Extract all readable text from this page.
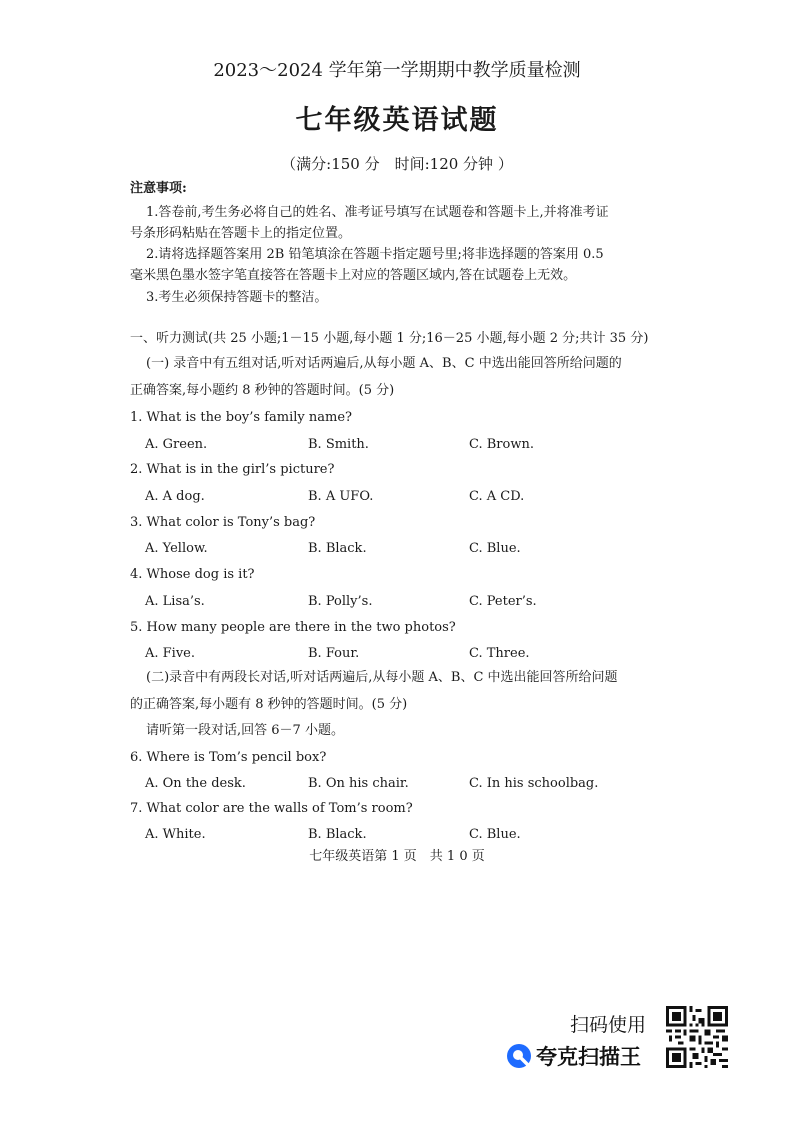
2023～2024 学年第一学期期中教学质量检测
七年级英语试题
（满分:150 分　时间:120 分钟 ）
注意事项:
1.答卷前,考生务必将自己的姓名、准考证号填写在试题卷和答题卡上,并将准考证
号条形码粘贴在答题卡上的指定位置。
2.请将选择题答案用 2B 铅笔填涂在答题卡指定题号里;将非选择题的答案用 0.5
毫米黑色墨水签字笔直接答在答题卡上对应的答题区域内,答在试题卷上无效。
3.考生必须保持答题卡的整洁。
一、听力测试(共 25 小题;1－15 小题,每小题 1 分;16－25 小题,每小题 2 分;共计 35 分)
(一) 录音中有五组对话,听对话两遍后,从每小题 A、B、C 中选出能回答所给问题的
正确答案,每小题约 8 秒钟的答题时间。(5 分)
1. What is the boy’s family name?
A. Green.	B. Smith.	C. Brown.
2. What is in the girl’s picture?
A. A dog.	B. A UFO.	C. A CD.
3. What color is Tony’s bag?
A. Yellow.	B. Black.	C. Blue.
4. Whose dog is it?
A. Lisa’s.	B. Polly’s.	C. Peter’s.
5. How many people are there in the two photos?
A. Five.	B. Four.	C. Three.
(二)录音中有两段长对话,听对话两遍后,从每小题 A、B、C 中选出能回答所给问题
的正确答案,每小题有 8 秒钟的答题时间。(5 分)
请听第一段对话,回答 6－7 小题。
6. Where is Tom’s pencil box?
A. On the desk.	B. On his chair.	C. In his schoolbag.
7. What color are the walls of Tom’s room?
A. White.	B. Black.	C. Blue.
七年级英语第 1 页　共 1 0 页
扫码使用
夸克扫描王
